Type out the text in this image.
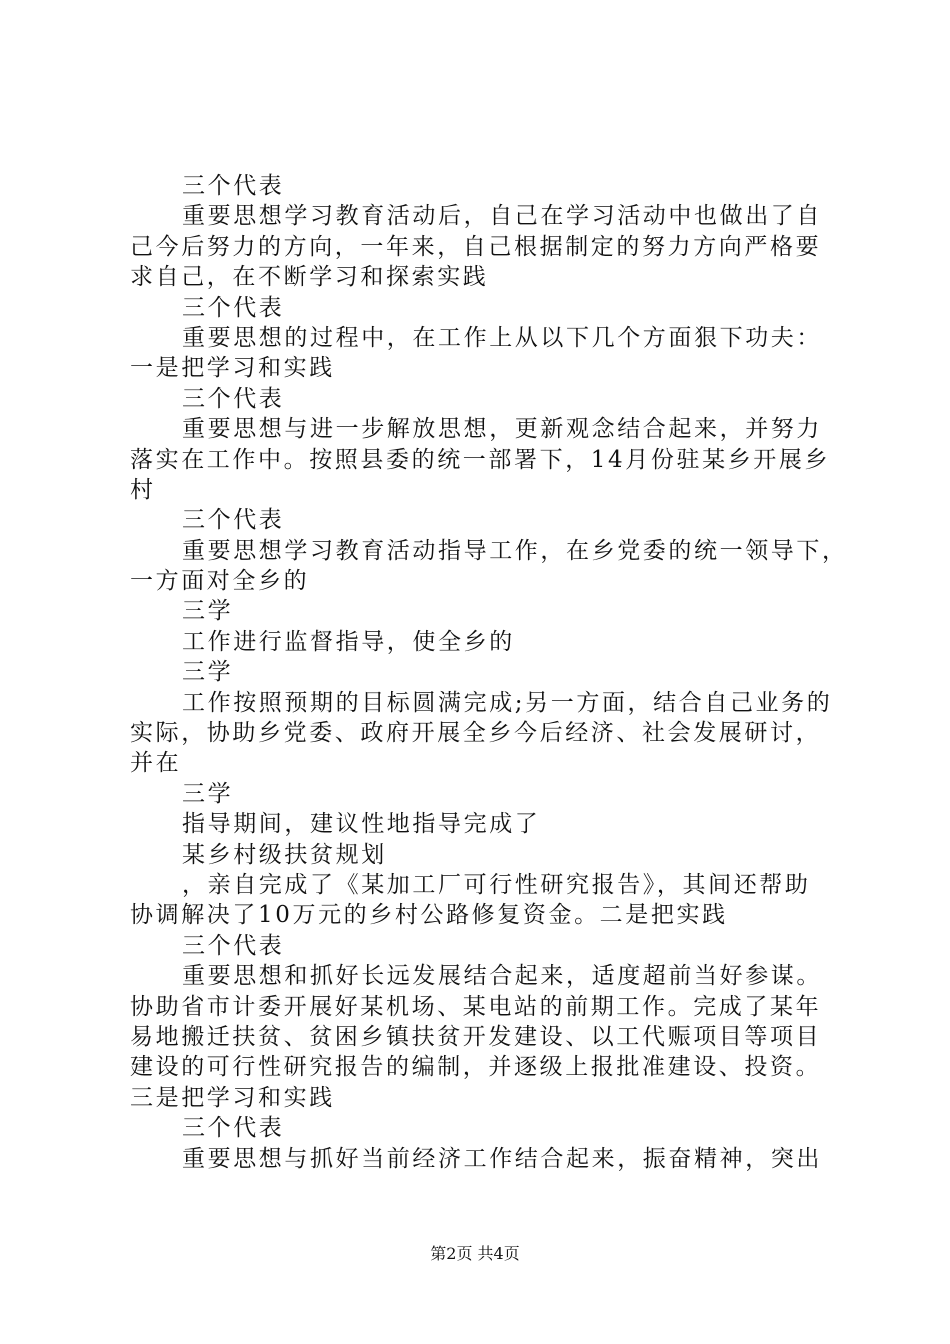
三个代表
重要思想学习教育活动后，自己在学习活动中也做出了自
己今后努力的方向，一年来，自己根据制定的努力方向严格要
求自己，在不断学习和探索实践
三个代表
重要思想的过程中，在工作上从以下几个方面狠下功夫：
一是把学习和实践
三个代表
重要思想与进一步解放思想，更新观念结合起来，并努力
落实在工作中。按照县委的统一部署下，14月份驻某乡开展乡
村
三个代表
重要思想学习教育活动指导工作，在乡党委的统一领导下，
一方面对全乡的
三学
工作进行监督指导，使全乡的
三学
工作按照预期的目标圆满完成;另一方面，结合自己业务的
实际，协助乡党委、政府开展全乡今后经济、社会发展研讨，
并在
三学
指导期间，建议性地指导完成了
某乡村级扶贫规划
，亲自完成了《某加工厂可行性研究报告》，其间还帮助
协调解决了10万元的乡村公路修复资金。二是把实践
三个代表
重要思想和抓好长远发展结合起来，适度超前当好参谋。
协助省市计委开展好某机场、某电站的前期工作。完成了某年
易地搬迁扶贫、贫困乡镇扶贫开发建设、以工代赈项目等项目
建设的可行性研究报告的编制，并逐级上报批准建设、投资。
三是把学习和实践
三个代表
重要思想与抓好当前经济工作结合起来，振奋精神，突出
第2页 共4页
